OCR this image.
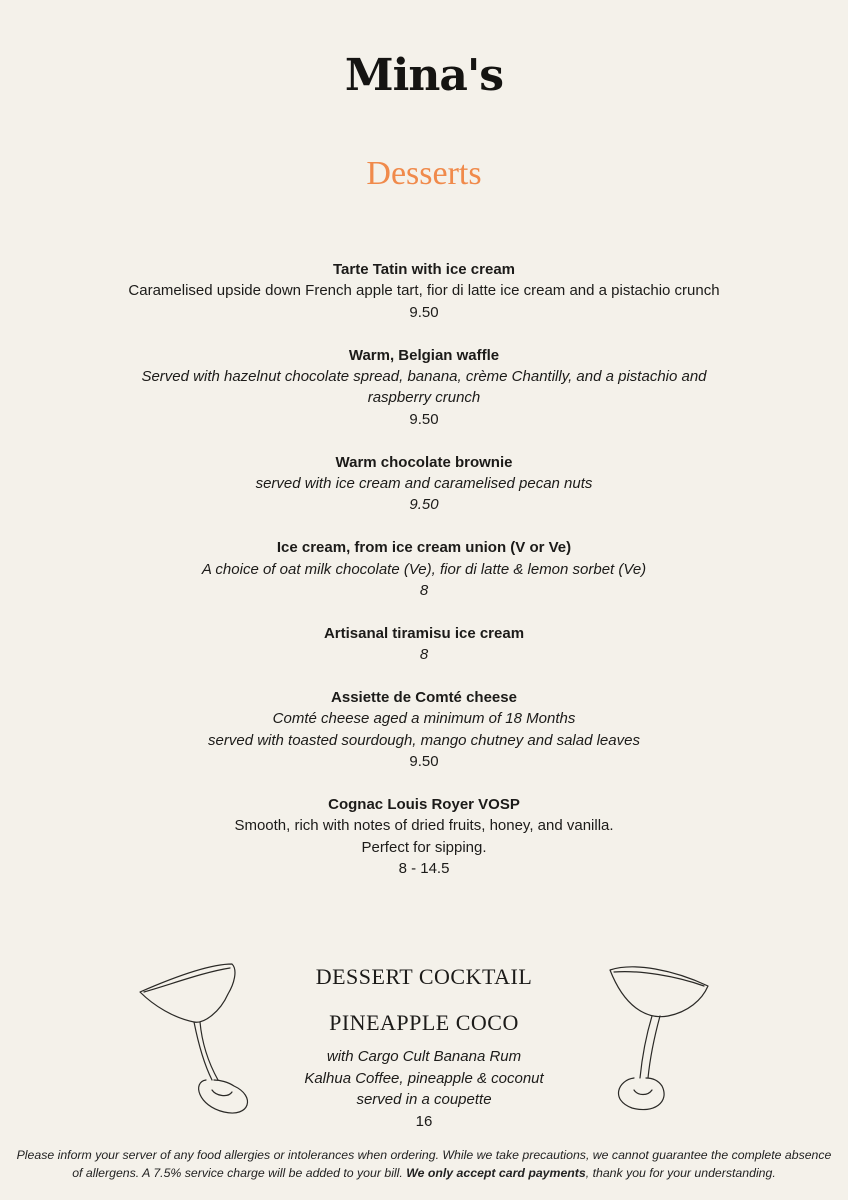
Mina's
Desserts
Tarte Tatin with ice cream
Caramelised upside down French apple tart, fior di latte ice cream and a pistachio crunch
9.50
Warm, Belgian waffle
Served with hazelnut chocolate spread, banana, crème Chantilly, and a pistachio and
raspberry crunch
9.50
Warm chocolate brownie
served with ice cream and caramelised pecan nuts
9.50
Ice cream, from ice cream union (V or Ve)
A choice of oat milk chocolate (Ve), fior di latte & lemon sorbet (Ve)
8
Artisanal tiramisu ice cream
8
Assiette de Comté cheese
Comté cheese aged a minimum of 18 Months
served with toasted sourdough, mango chutney and salad leaves
9.50
Cognac Louis Royer VOSP
Smooth, rich with notes of dried fruits, honey, and vanilla.
Perfect for sipping.
8 - 14.5
DESSERT COCKTAIL
PINEAPPLE COCO
with Cargo Cult Banana Rum
Kalhua Coffee, pineapple & coconut
served in a coupette
16
Please inform your server of any food allergies or intolerances when ordering. While we take precautions, we cannot guarantee the complete absence of allergens. A 7.5% service charge will be added to your bill. We only accept card payments, thank you for your understanding.
